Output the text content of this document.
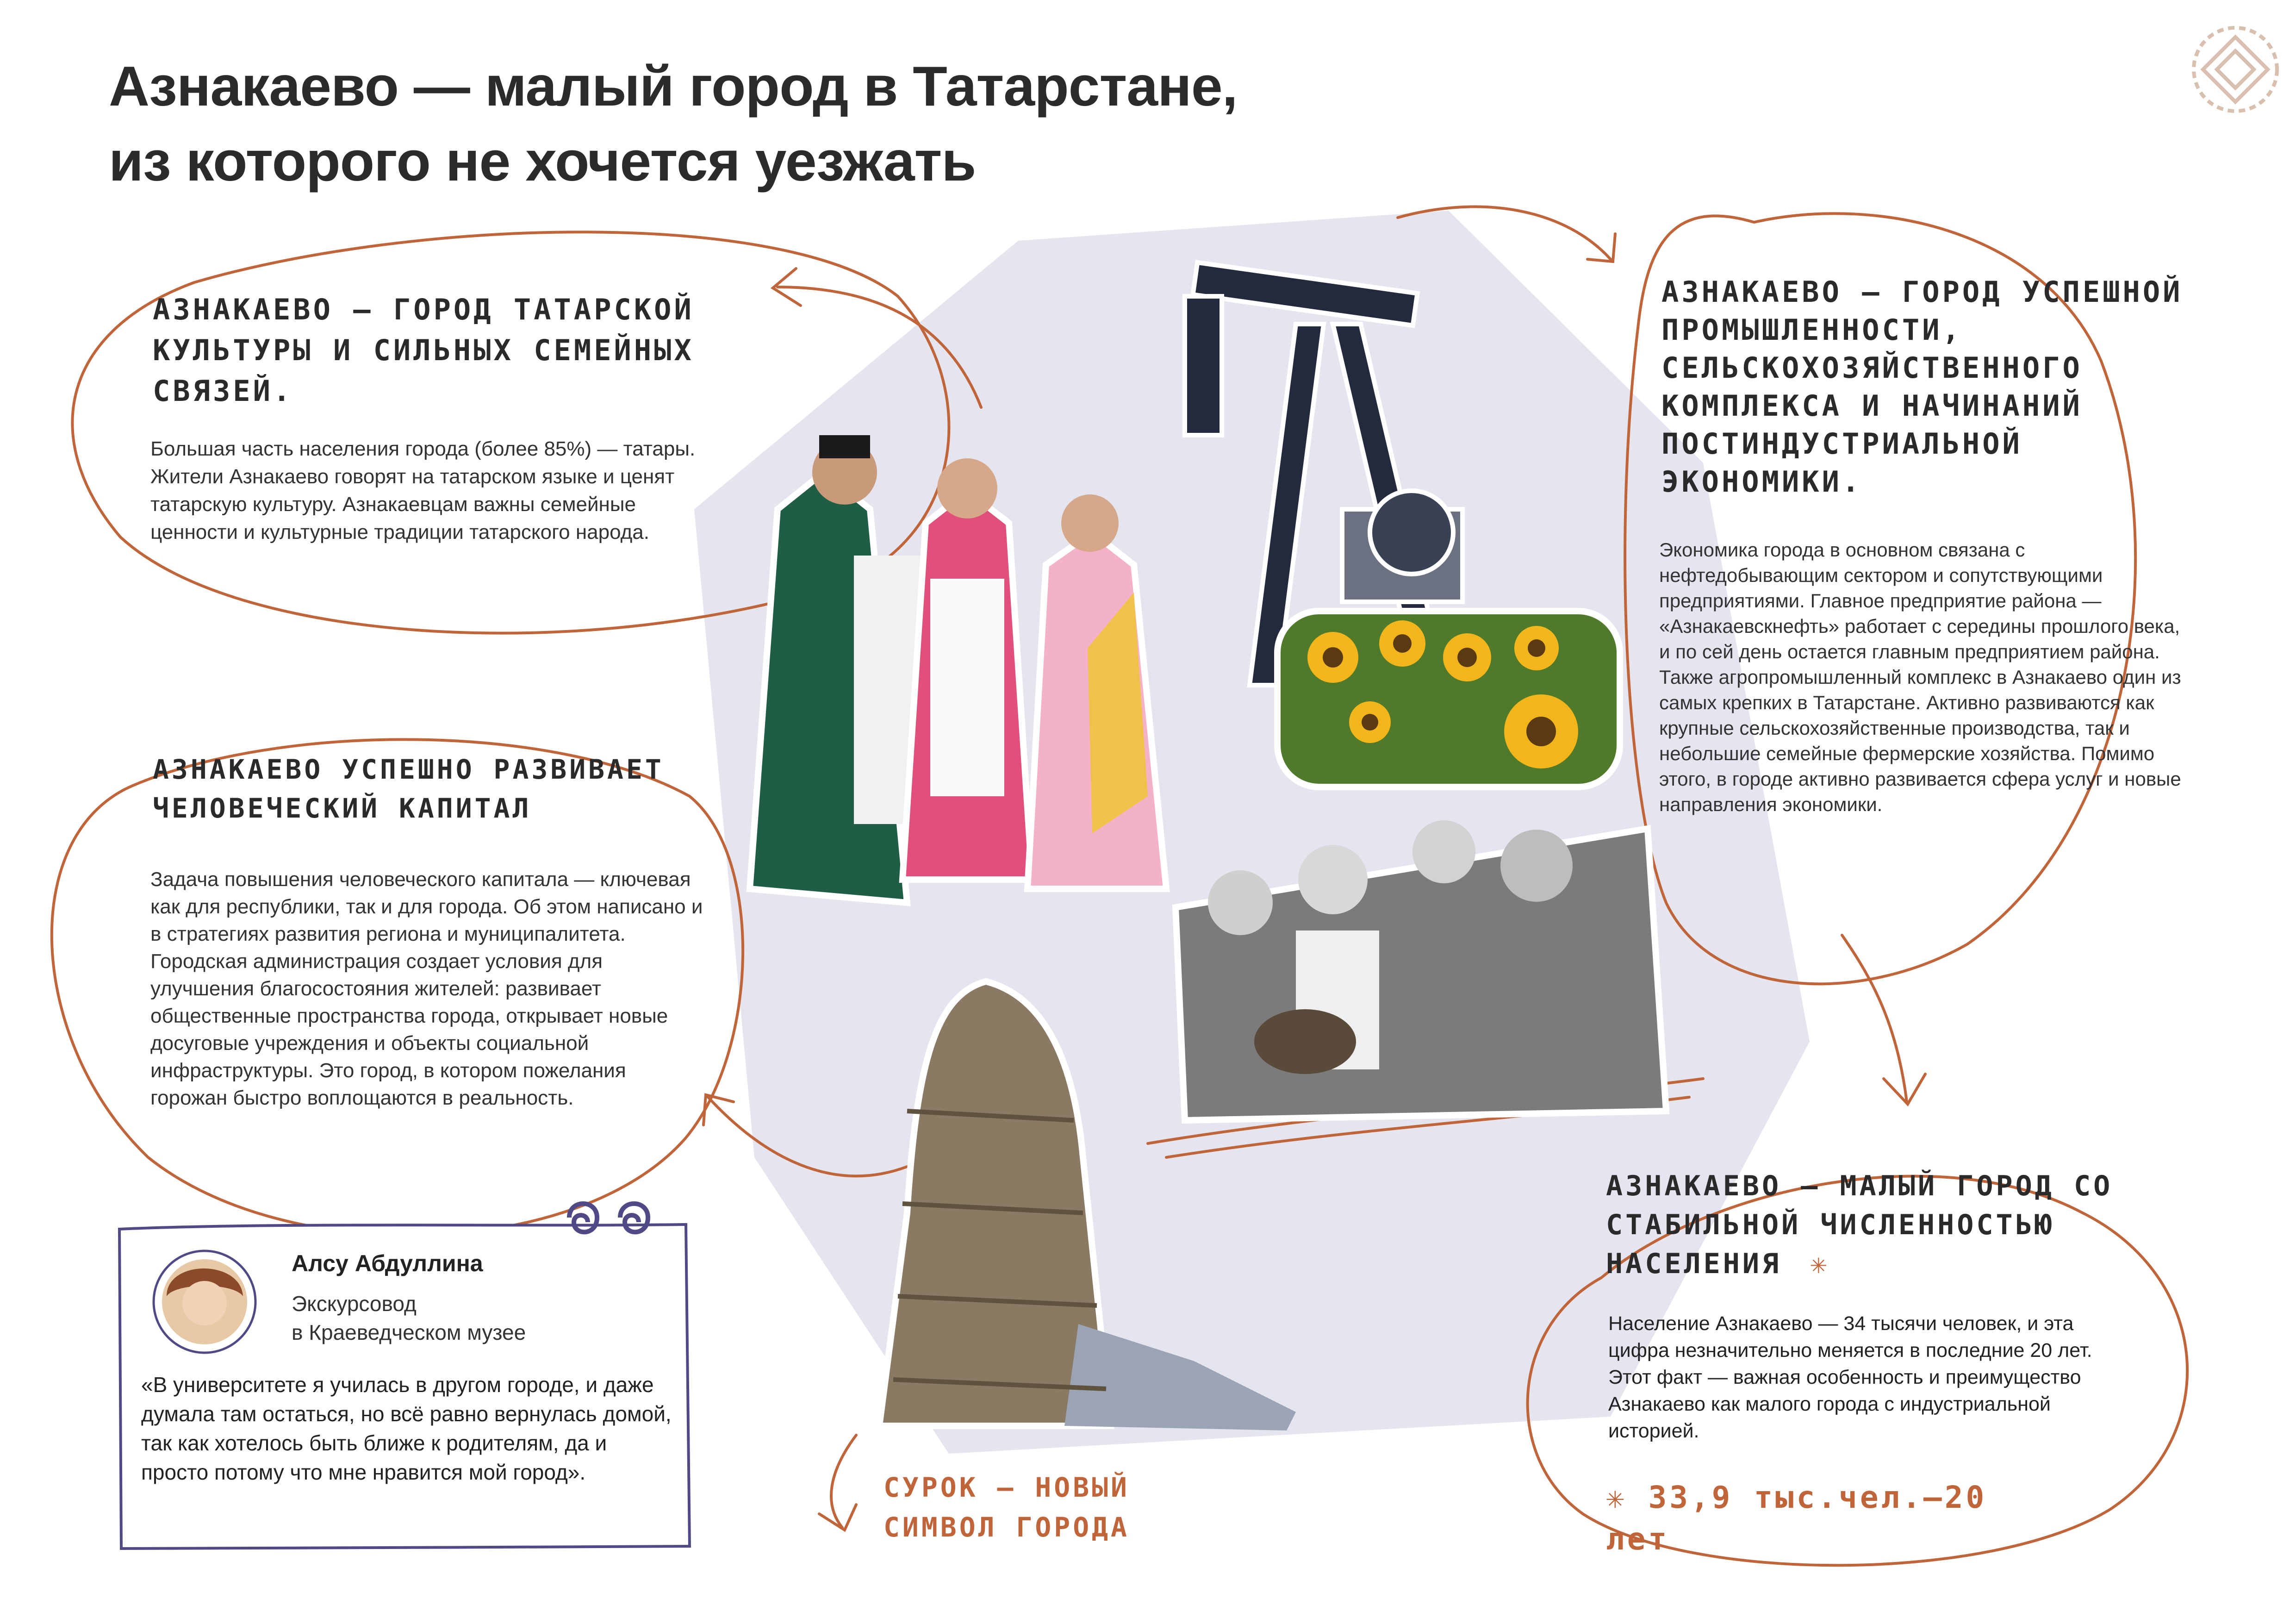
Азнакаево — малый город в Татарстане,
из которого не хочется уезжать
АЗНАКАЕВО — ГОРОД ТАТАРСКОЙ КУЛЬТУРЫ И СИЛЬНЫХ СЕМЕЙНЫХ СВЯЗЕЙ.
Большая часть населения города (более 85%) — татары. Жители Азнакаево говорят на татарском языке и ценят татарскую культуру. Азнакаевцам важны семейные ценности и культурные традиции татарского народа.
АЗНАКАЕВО УСПЕШНО РАЗВИВАЕТ ЧЕЛОВЕЧЕСКИЙ КАПИТАЛ
Задача повышения человеческого капитала — ключевая как для республики, так и для города. Об этом написано и в стратегиях развития региона и муниципалитета. Городская администрация создает условия для улучшения благосостояния жителей: развивает общественные пространства города, открывает новые досуговые учреждения и объекты социальной инфраструктуры. Это город, в котором пожелания горожан быстро воплощаются в реальность.
АЗНАКАЕВО — ГОРОД УСПЕШНОЙ ПРОМЫШЛЕННОСТИ, СЕЛЬСКОХОЗЯЙСТВЕННОГО КОМПЛЕКСА И НАЧИНАНИЙ ПОСТИНДУСТРИАЛЬНОЙ ЭКОНОМИКИ.
Экономика города в основном связана с нефтедобывающим сектором и сопутствующими предприятиями. Главное предприятие района — «Азнакаевскнефть» работает с середины прошлого века, и по сей день остается главным предприятием района. Также агропромышленный комплекс в Азнакаево один из самых крепких в Татарстане. Активно развиваются как крупные сельскохозяйственные производства, так и небольшие семейные фермерские хозяйства. Помимо этого, в городе активно развивается сфера услуг и новые направления экономики.
АЗНАКАЕВО — МАЛЫЙ ГОРОД СО СТАБИЛЬНОЙ ЧИСЛЕННОСТЬЮ НАСЕЛЕНИЯ ✳
Население Азнакаево — 34 тысячи человек, и эта цифра незначительно меняется в последние 20 лет. Этот факт — важная особенность и преимущество Азнакаево как малого города с индустриальной историей.
✳ 33,9 тыс.чел.—20 лет
СУРОК — НОВЫЙ СИМВОЛ ГОРОДА
Алсу Абдуллина
Экскурсовод
в Краеведческом музее
«В университете я училась в другом городе, и даже думала там остаться, но всё равно вернулась домой, так как хотелось быть ближе к родителям, да и просто потому что мне нравится мой город».
